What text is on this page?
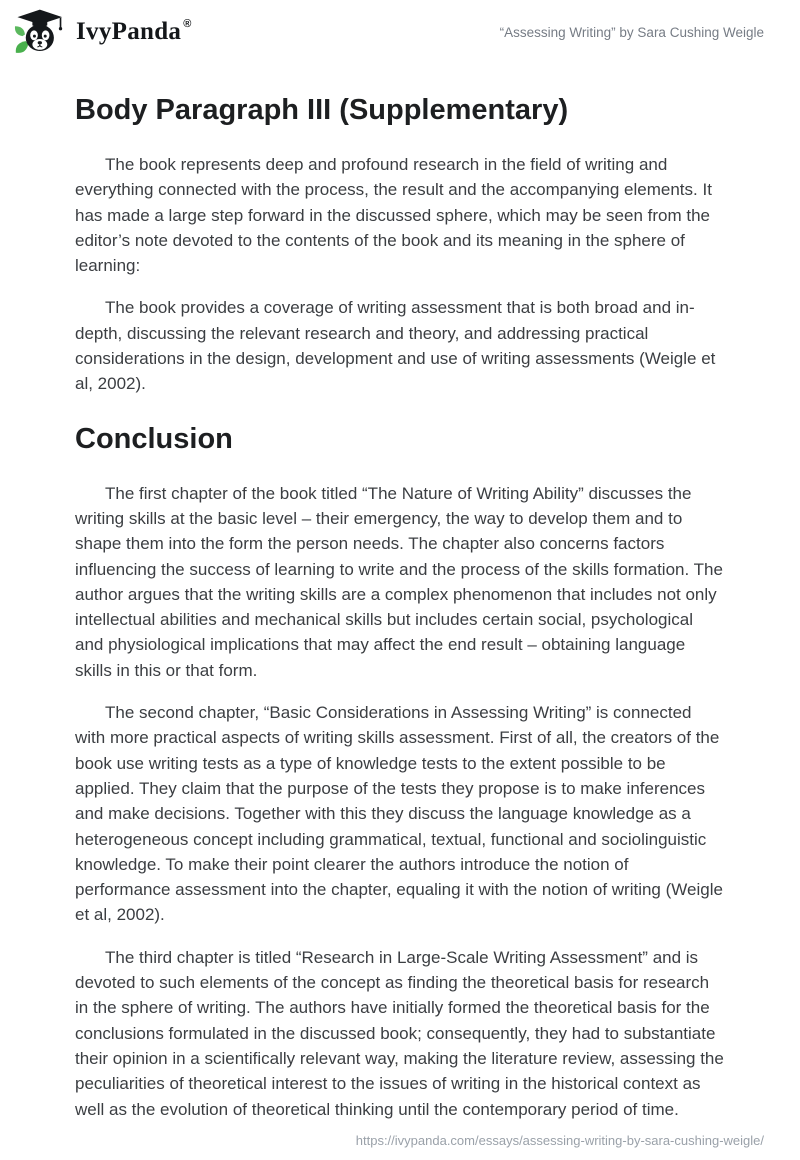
IvyPanda ®
“Assessing Writing” by Sara Cushing Weigle
Body Paragraph III (Supplementary)

The book represents deep and profound research in the field of writing and everything connected with the process, the result and the accompanying elements. It has made a large step forward in the discussed sphere, which may be seen from the editor’s note devoted to the contents of the book and its meaning in the sphere of learning:

The book provides a coverage of writing assessment that is both broad and in-depth, discussing the relevant research and theory, and addressing practical considerations in the design, development and use of writing assessments (Weigle et al, 2002).

Conclusion

The first chapter of the book titled “The Nature of Writing Ability” discusses the writing skills at the basic level – their emergency, the way to develop them and to shape them into the form the person needs. The chapter also concerns factors influencing the success of learning to write and the process of the skills formation. The author argues that the writing skills are a complex phenomenon that includes not only intellectual abilities and mechanical skills but includes certain social, psychological and physiological implications that may affect the end result – obtaining language skills in this or that form.

The second chapter, “Basic Considerations in Assessing Writing” is connected with more practical aspects of writing skills assessment. First of all, the creators of the book use writing tests as a type of knowledge tests to the extent possible to be applied. They claim that the purpose of the tests they propose is to make inferences and make decisions. Together with this they discuss the language knowledge as a heterogeneous concept including grammatical, textual, functional and sociolinguistic knowledge. To make their point clearer the authors introduce the notion of performance assessment into the chapter, equaling it with the notion of writing (Weigle et al, 2002).

The third chapter is titled “Research in Large-Scale Writing Assessment” and is devoted to such elements of the concept as finding the theoretical basis for research in the sphere of writing. The authors have initially formed the theoretical basis for the conclusions formulated in the discussed book; consequently, they had to substantiate their opinion in a scientifically relevant way, making the literature review, assessing the peculiarities of theoretical interest to the issues of writing in the historical context as well as the evolution of theoretical thinking until the contemporary period of time.

https://ivypanda.com/essays/assessing-writing-by-sara-cushing-weigle/
